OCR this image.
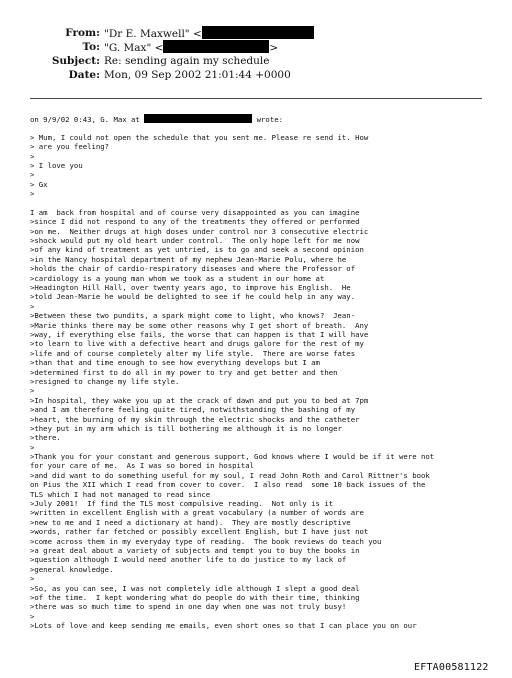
From: "Dr E. Maxwell" <
To: "G. Max" <	>
Subject: Re: sending again my schedule
Date: Mon, 09 Sep 2002 21:01:44 +0000
on 9/9/02 0:43, G. Max at	wrote:
> Mum, I could not open the schedule that you sent me. Please re send it. How
> are you feeling?
>
> I love you
>
> Gx
>
I am  back from hospital and of course very disappointed as you can imagine
>since I did not respond to any of the treatments they offered or performed
>on me.  Neither drugs at high doses under control nor 3 consecutive electric
>shock would put my old heart under control.  The only hope left for me now
>of any kind of treatment as yet untried, is to go and seek a second opinion
>in the Nancy hospital department of my nephew Jean-Marie Polu, where he
>holds the chair of cardio-respiratory diseases and where the Professor of
>cardiology is a young man whom we took as a student in our home at
>Headington Hill Hall, over twenty years ago, to improve his English.  He
>told Jean-Marie he would be delighted to see if he could help in any way.
>
>Between these two pundits, a spark might come to light, who knows?  Jean-
>Marie thinks there may be some other reasons why I get short of breath.  Any
>way, if everything else fails, the worse that can happen is that I will have
>to learn to live with a defective heart and drugs galore for the rest of my
>life and of course completely alter my life style.  There are worse fates
>than that and time enough to see how everything develops but I am
>determined first to do all in my power to try and get better and then
>resigned to change my life style.
>
>In hospital, they wake you up at the crack of dawn and put you to bed at 7pm
>and I am therefore feeling quite tired, notwithstanding the bashing of my
>heart, the burning of my skin through the electric shocks and the catheter
>they put in my arm which is till bothering me although it is no longer
>there.
>
>Thank you for your constant and generous support, God knows where I would be if it were not
for your care of me.  As I was so bored in hospital
>and did want to do something useful for my soul, I read John Roth and Carol Rittner's book
on Pius the XII which I read from cover to cover.  I also read  some 10 back issues of the
TLS which I had not managed to read since
>July 2001!  If find the TLS most compulsive reading.  Not only is it
>written in excellent English with a great vocabulary (a number of words are
>new to me and I need a dictionary at hand).  They are mostly descriptive
>words, rather far fetched or possibly excellent English, but I have just not
>come across them in my everyday type of reading.  The book reviews do teach you
>a great deal about a variety of subjects and tempt you to buy the books in
>question although I would need another life to do justice to my lack of
>general knowledge.
>
>So, as you can see, I was not completely idle although I slept a good deal
>of the time.  I kept wondering what do people do with their time, thinking
>there was so much time to spend in one day when one was not truly busy!
>
>Lots of love and keep sending me emails, even short ones so that I can place you on our
EFTA00581122
